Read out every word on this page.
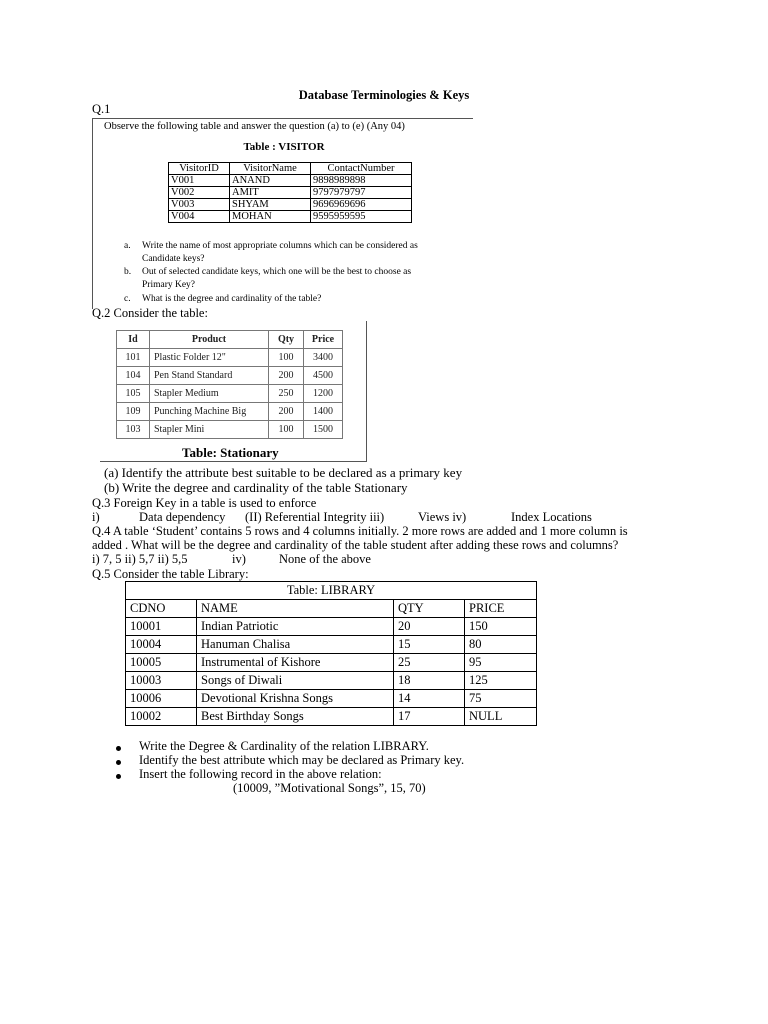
Database Terminologies & Keys
Q.1
Observe the following table and answer the question (a) to (e) (Any 04)
Table : VISITOR
VisitorID	VisitorName	ContactNumber
V001	ANAND	9898989898
V002	AMIT	9797979797
V003	SHYAM	9696969696
V004	MOHAN	9595959595
a. Write the name of most appropriate columns which can be considered as
Candidate keys?
b. Out of selected candidate keys, which one will be the best to choose as
Primary Key?
c. What is the degree and cardinality of the table?
Q.2 Consider the table:
Id	Product	Qty	Price
101	Plastic Folder 12"	100	3400
104	Pen Stand Standard	200	4500
105	Stapler Medium	250	1200
109	Punching Machine Big	200	1400
103	Stapler Mini	100	1500
Table: Stationary
(a) Identify the attribute best suitable to be declared as a primary key
(b) Write the degree and cardinality of the table Stationary
Q.3 Foreign Key in a table is used to enforce
i)	Data dependency (II) Referential Integrity iii)	Views iv)	Index Locations
Q.4 A table ‘Student’ contains 5 rows and 4 columns initially. 2 more rows are added and 1 more column is
added . What will be the degree and cardinality of the table student after adding these rows and columns?
i) 7, 5 ii) 5,7 ii) 5,5	iv)	None of the above
Q.5 Consider the table Library:
Table: LIBRARY			
CDNO	NAME	QTY	PRICE
10001	Indian Patriotic	20	150
10004	Hanuman Chalisa	15	80
10005	Instrumental of Kishore	25	95
10003	Songs of Diwali	18	125
10006	Devotional Krishna Songs	14	75
10002	Best Birthday Songs	17	NULL
Write the Degree & Cardinality of the relation LIBRARY.
Identify the best attribute which may be declared as Primary key.
Insert the following record in the above relation:
(10009, ”Motivational Songs”, 15, 70)
